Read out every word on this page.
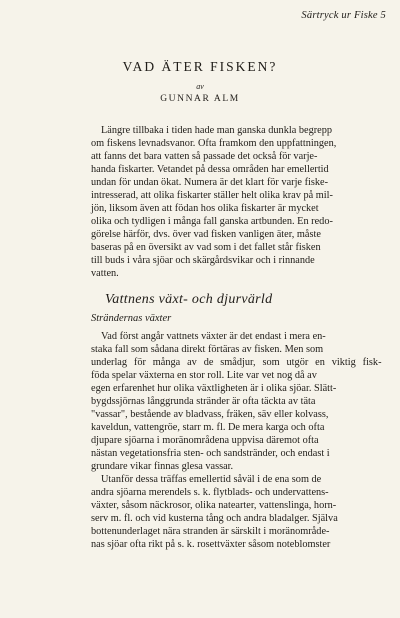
Särtryck ur Fiske 5
VAD ÄTER FISKEN?
av
GUNNAR ALM
Längre tillbaka i tiden hade man ganska dunkla begrepp
om fiskens levnadsvanor. Ofta framkom den uppfattningen,
att fanns det bara vatten så passade det också för varje-
handa fiskarter. Vetandet på dessa områden har emellertid
undan för undan ökat. Numera är det klart för varje fiske-
intresserad, att olika fiskarter ställer helt olika krav på mil-
jön, liksom även att födan hos olika fiskarter är mycket
olika och tydligen i många fall ganska artbunden. En redo-
görelse härför, dvs. över vad fisken vanligen äter, måste
baseras på en översikt av vad som i det fallet står fisken
till buds i våra sjöar och skärgårdsvikar och i rinnande
vatten.
Vattnens växt- och djurvärld
Strändernas växter
Vad först angår vattnets växter är det endast i mera en-
staka fall som sådana direkt förtäras av fisken. Men som
underlag för många av de smådjur, som utgör en viktig fisk-
föda spelar växterna en stor roll. Lite var vet nog då av
egen erfarenhet hur olika växtligheten är i olika sjöar. Slätt-
bygdssjörnas långgrunda stränder är ofta täckta av täta
"vassar", bestående av bladvass, fräken, säv eller kolvass,
kaveldun, vattengröe, starr m. fl. De mera karga och ofta
djupare sjöarna i moränområdena uppvisa däremot ofta
nästan vegetationsfria sten- och sandstränder, och endast i
grundare vikar finnas glesa vassar.
Utanför dessa träffas emellertid såväl i de ena som de
andra sjöarna merendels s. k. flytblads- och undervattens-
växter, såsom näckrosor, olika natearter, vattenslinga, horn-
serv m. fl. och vid kusterna tång och andra bladalger. Själva
bottenunderlaget nära stranden är särskilt i moränområde-
nas sjöar ofta rikt på s. k. rosettväxter såsom noteblomster
